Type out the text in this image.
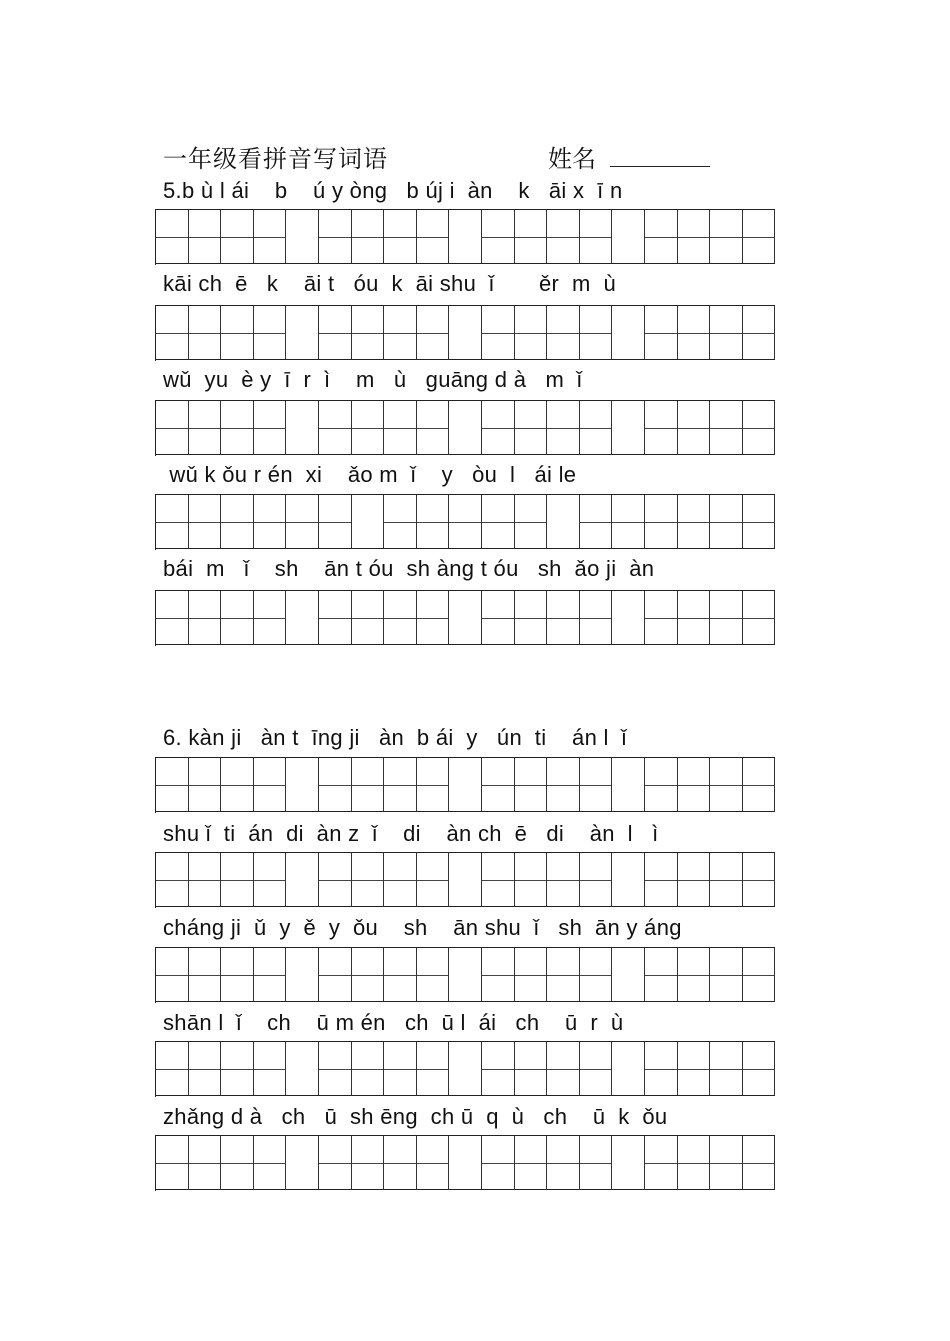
一年级看拼音写词语	姓名
5.b ù l ái    b    ú y òng   b új i  àn    k   āi x  ī n
kāi ch  ē   k    āi t   óu  k  āi shu  ǐ       ěr  m  ù
wǔ  yu  è y  ī  r  ì    m   ù   guāng d à   m  ǐ
wǔ k ǒu r én  xi    ǎo m  ǐ    y   òu  l   ái le
bái  m   ǐ    sh    ān t óu  sh àng t óu   sh  ǎo ji  àn
6. kàn ji   àn t  īng ji   àn  b ái  y   ún  ti    án l  ǐ
shu ǐ  ti  án  di  àn z  ǐ    di    àn ch  ē   di    àn  l   ì
cháng ji  ǔ  y  ě  y  ǒu    sh    ān shu  ǐ   sh  ān y áng
shān l  ǐ    ch    ū m én   ch  ū l  ái   ch    ū  r  ù
zhǎng d à   ch   ū  sh ēng  ch ū  q  ù   ch    ū  k  ǒu
